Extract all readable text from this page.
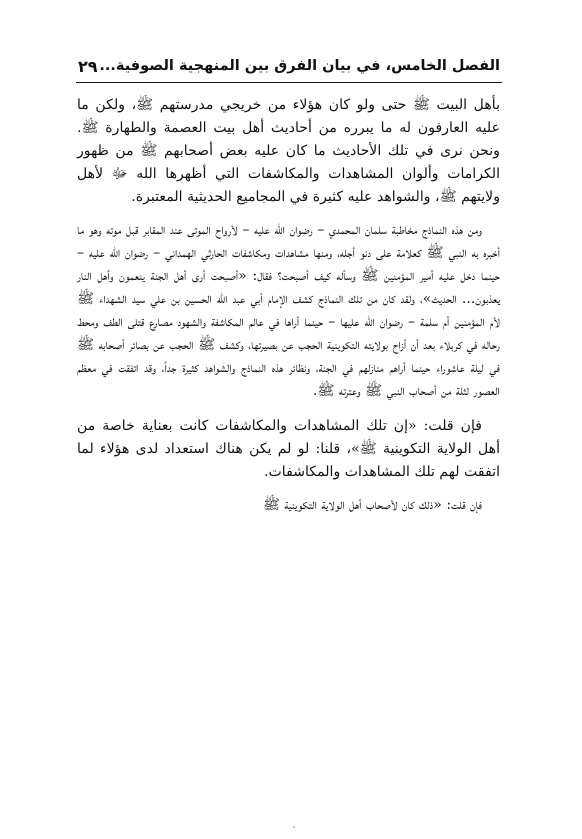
الفصل الخامس، في بيان الفرق بين المنهجية الصوفية...
٢٩

بأهل البيت ﷺ حتى ولو كان هؤلاء من خريجي مدرستهم ﷺ، ولكن ما عليه العارفون له ما يبرره من أحاديث أهل بيت العصمة والطهارة ﷺ. ونحن نرى في تلك الأحاديث ما كان عليه بعض أصحابهم ﷺ من ظهور الكرامات وألوان المشاهدات والمكاشفات التي أظهرها الله ﷻ لأهل ولايتهم ﷺ، والشواهد عليه كثيرة في المجاميع الحديثية المعتبرة.

ومن هذه النماذج مخاطبة سلمان المحمدي – رضوان الله عليه – لأرواح الموتى عند المقابر قبل موته وهو ما أخبره به النبي ﷺ كعلامة على دنو أجله، ومنها مشاهدات ومكاشفات الحارثي الهمداني – رضوان الله عليه – حينما دخل عليه أمير المؤمنين ﷺ وسأله كيف أصبحت؟ فقال: «أصبحت أرى أهل الجنة ينعمون وأهل النار يعذبون... الحديث»، ولقد كان من تلك النماذج كشف الإمام أبي عبد الله الحسين بن علي سيد الشهداء ﷺ لأم المؤمنين أم سلمة – رضوان الله عليها – حينما أراها في عالم المكاشفة والشهود مصارع قتلى الطف ومحط رحاله في كربلاء بعد أن أزاح بولايته التكوينية الحجب عن بصيرتها، وكشف ﷺ الحجب عن بصائر أصحابه ﷺ في ليلة عاشوراء حينما أراهم منازلهم في الجنة، ونظائر هذه النماذج والشواهد كثيرة جداً، وقد اتفقت في معظم العصور لثلة من أصحاب النبي ﷺ وعترته ﷺ.

فإن قلت: «إن تلك المشاهدات والمكاشفات كانت بعناية خاصة من أهل الولاية التكوينية ﷺ»، قلنا: لو لم يكن هناك استعداد لدى هؤلاء لما اتفقت لهم تلك المشاهدات والمكاشفات.

فإن قلت: «ذلك كان لأصحاب أهل الولاية التكوينية ﷺ
